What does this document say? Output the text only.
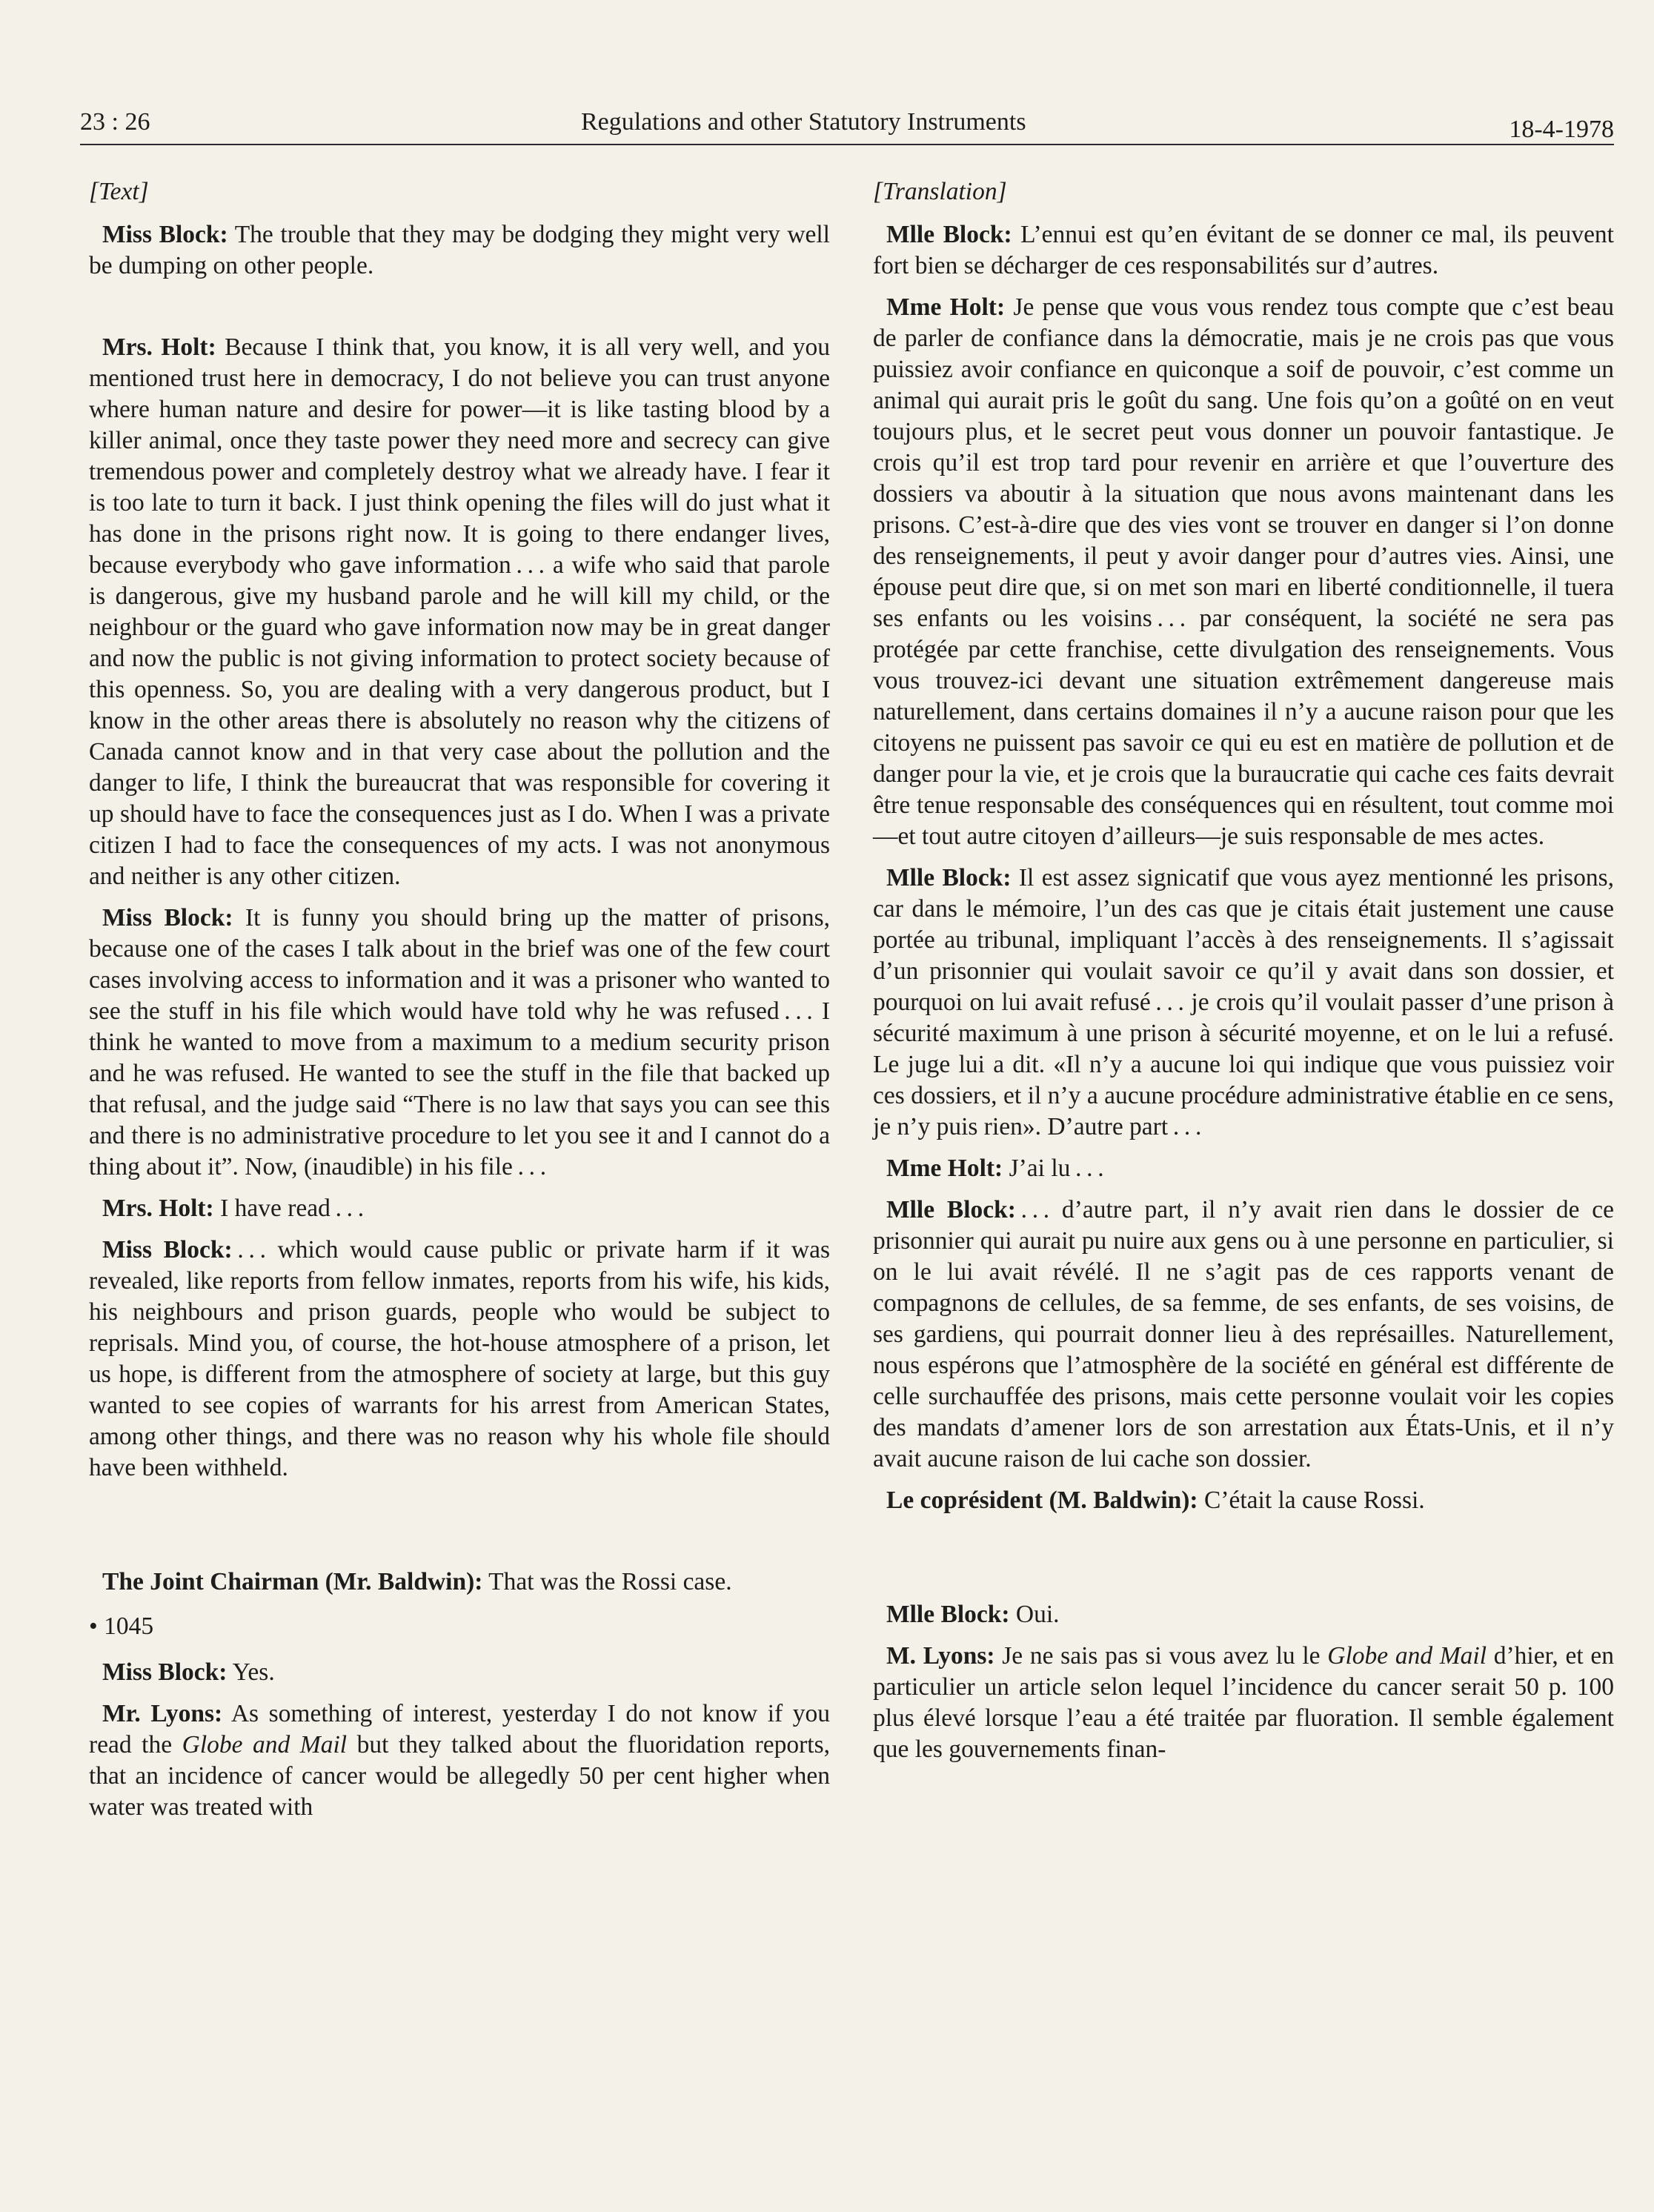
23 : 26	Regulations and other Statutory Instruments	18-4-1978

[Text]

Miss Block: The trouble that they may be dodging they might very well be dumping on other people.

Mrs. Holt: Because I think that, you know, it is all very well, and you mentioned trust here in democracy, I do not believe you can trust anyone where human nature and desire for power—it is like tasting blood by a killer animal, once they taste power they need more and secrecy can give tremendous power and completely destroy what we already have. I fear it is too late to turn it back. I just think opening the files will do just what it has done in the prisons right now. It is going to there endanger lives, because everybody who gave information . . . a wife who said that parole is dangerous, give my husband parole and he will kill my child, or the neighbour or the guard who gave information now may be in great danger and now the public is not giving information to protect society because of this openness. So, you are dealing with a very dangerous product, but I know in the other areas there is absolutely no reason why the citizens of Canada cannot know and in that very case about the pollution and the danger to life, I think the bureaucrat that was responsible for covering it up should have to face the consequences just as I do. When I was a private citizen I had to face the consequences of my acts. I was not anonymous and neither is any other citizen.

Miss Block: It is funny you should bring up the matter of prisons, because one of the cases I talk about in the brief was one of the few court cases involving access to information and it was a prisoner who wanted to see the stuff in his file which would have told why he was refused . . . I think he wanted to move from a maximum to a medium security prison and he was refused. He wanted to see the stuff in the file that backed up that refusal, and the judge said “There is no law that says you can see this and there is no administrative procedure to let you see it and I cannot do a thing about it”. Now, (inaudible) in his file . . .

Mrs. Holt: I have read . . .

Miss Block: . . . which would cause public or private harm if it was revealed, like reports from fellow inmates, reports from his wife, his kids, his neighbours and prison guards, people who would be subject to reprisals. Mind you, of course, the hot-house atmosphere of a prison, let us hope, is different from the atmosphere of society at large, but this guy wanted to see copies of warrants for his arrest from American States, among other things, and there was no reason why his whole file should have been withheld.

The Joint Chairman (Mr. Baldwin): That was the Rossi case.

• 1045

Miss Block: Yes.

Mr. Lyons: As something of interest, yesterday I do not know if you read the Globe and Mail but they talked about the fluoridation reports, that an incidence of cancer would be allegedly 50 per cent higher when water was treated with

[Translation]

Mlle Block: L’ennui est qu’en évitant de se donner ce mal, ils peuvent fort bien se décharger de ces responsabilités sur d’autres.

Mme Holt: Je pense que vous vous rendez tous compte que c’est beau de parler de confiance dans la démocratie, mais je ne crois pas que vous puissiez avoir confiance en quiconque a soif de pouvoir, c’est comme un animal qui aurait pris le goût du sang. Une fois qu’on a goûté on en veut toujours plus, et le secret peut vous donner un pouvoir fantastique. Je crois qu’il est trop tard pour revenir en arrière et que l’ouverture des dossiers va aboutir à la situation que nous avons maintenant dans les prisons. C’est-à-dire que des vies vont se trouver en danger si l’on donne des renseignements, il peut y avoir danger pour d’autres vies. Ainsi, une épouse peut dire que, si on met son mari en liberté conditionnelle, il tuera ses enfants ou les voisins . . . par conséquent, la société ne sera pas protégée par cette franchise, cette divulgation des renseignements. Vous vous trouvez-ici devant une situation extrêmement dangereuse mais naturellement, dans certains domaines il n’y a aucune raison pour que les citoyens ne puissent pas savoir ce qui eu est en matière de pollution et de danger pour la vie, et je crois que la buraucratie qui cache ces faits devrait être tenue responsable des conséquences qui en résultent, tout comme moi—et tout autre citoyen d’ailleurs—je suis responsable de mes actes.

Mlle Block: Il est assez signicatif que vous ayez mentionné les prisons, car dans le mémoire, l’un des cas que je citais était justement une cause portée au tribunal, impliquant l’accès à des renseignements. Il s’agissait d’un prisonnier qui voulait savoir ce qu’il y avait dans son dossier, et pourquoi on lui avait refusé . . . je crois qu’il voulait passer d’une prison à sécurité maximum à une prison à sécurité moyenne, et on le lui a refusé. Le juge lui a dit. «Il n’y a aucune loi qui indique que vous puissiez voir ces dossiers, et il n’y a aucune procédure administrative établie en ce sens, je n’y puis rien». D’autre part . . .

Mme Holt: J’ai lu . . .

Mlle Block: . . . d’autre part, il n’y avait rien dans le dossier de ce prisonnier qui aurait pu nuire aux gens ou à une personne en particulier, si on le lui avait révélé. Il ne s’agit pas de ces rapports venant de compagnons de cellules, de sa femme, de ses enfants, de ses voisins, de ses gardiens, qui pourrait donner lieu à des représailles. Naturellement, nous espérons que l’atmosphère de la société en général est différente de celle surchauffée des prisons, mais cette personne voulait voir les copies des mandats d’amener lors de son arrestation aux États-Unis, et il n’y avait aucune raison de lui cache son dossier.

Le coprésident (M. Baldwin): C’était la cause Rossi.

Mlle Block: Oui.

M. Lyons: Je ne sais pas si vous avez lu le Globe and Mail d’hier, et en particulier un article selon lequel l’incidence du cancer serait 50 p. 100 plus élevé lorsque l’eau a été traitée par fluoration. Il semble également que les gouvernements finan-
